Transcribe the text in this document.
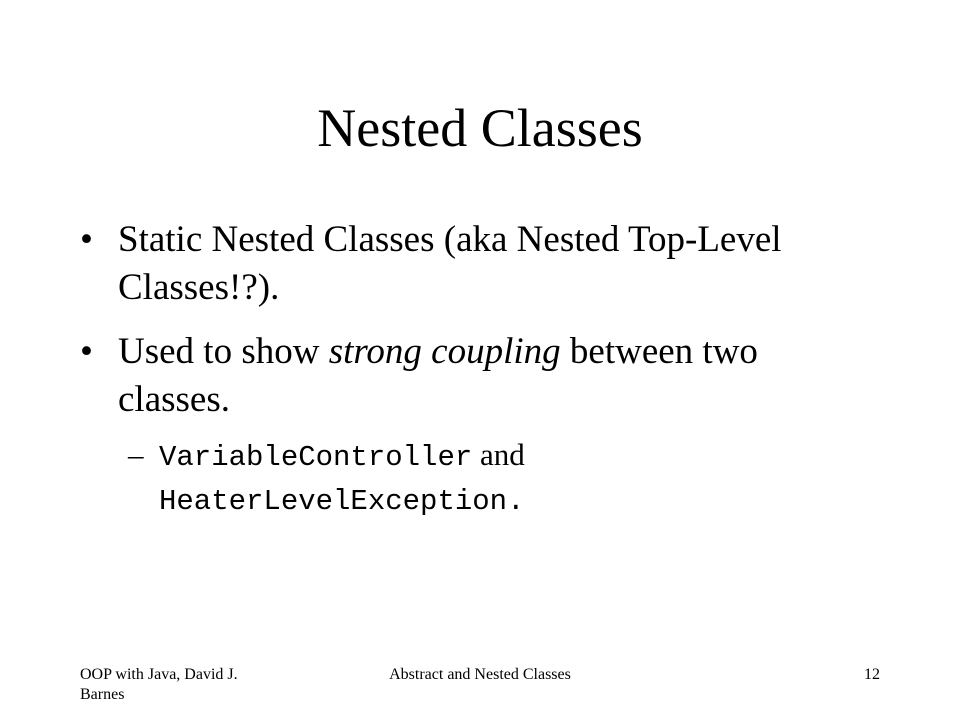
Nested Classes
• Static Nested Classes (aka Nested Top-Level Classes!?).
• Used to show strong coupling between two classes.
– VariableController and
HeaterLevelException.
OOP with Java, David J. Barnes
Abstract and Nested Classes	12
